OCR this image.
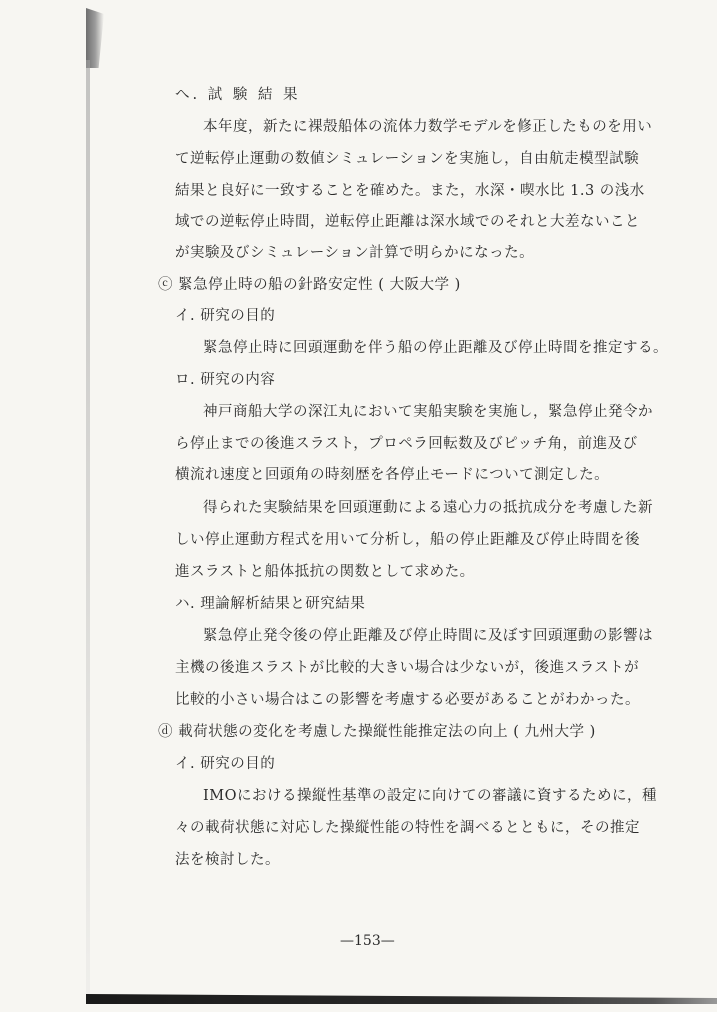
へ. 試 験 結 果
本年度，新たに裸殻船体の流体力数学モデルを修正したものを用い
て逆転停止運動の数値シミュレーションを実施し，自由航走模型試験
結果と良好に一致することを確めた。また，水深・喫水比 1.3 の浅水
域での逆転停止時間，逆転停止距離は深水域でのそれと大差ないこと
が実験及びシミュレーション計算で明らかになった。
ⓒ 緊急停止時の船の針路安定性 ( 大阪大学 )
イ. 研究の目的
緊急停止時に回頭運動を伴う船の停止距離及び停止時間を推定する。
ロ. 研究の内容
神戸商船大学の深江丸において実船実験を実施し，緊急停止発令か
ら停止までの後進スラスト，プロペラ回転数及びピッチ角，前進及び
横流れ速度と回頭角の時刻歴を各停止モードについて測定した。
得られた実験結果を回頭運動による遠心力の抵抗成分を考慮した新
しい停止運動方程式を用いて分析し，船の停止距離及び停止時間を後
進スラストと船体抵抗の関数として求めた。
ハ. 理論解析結果と研究結果
緊急停止発令後の停止距離及び停止時間に及ぼす回頭運動の影響は
主機の後進スラストが比較的大きい場合は少ないが，後進スラストが
比較的小さい場合はこの影響を考慮する必要があることがわかった。
ⓓ 載荷状態の変化を考慮した操縦性能推定法の向上 ( 九州大学 )
イ. 研究の目的
IMOにおける操縦性基準の設定に向けての審議に資するために，種
々の載荷状態に対応した操縦性能の特性を調べるとともに，その推定
法を検討した。
—153—
